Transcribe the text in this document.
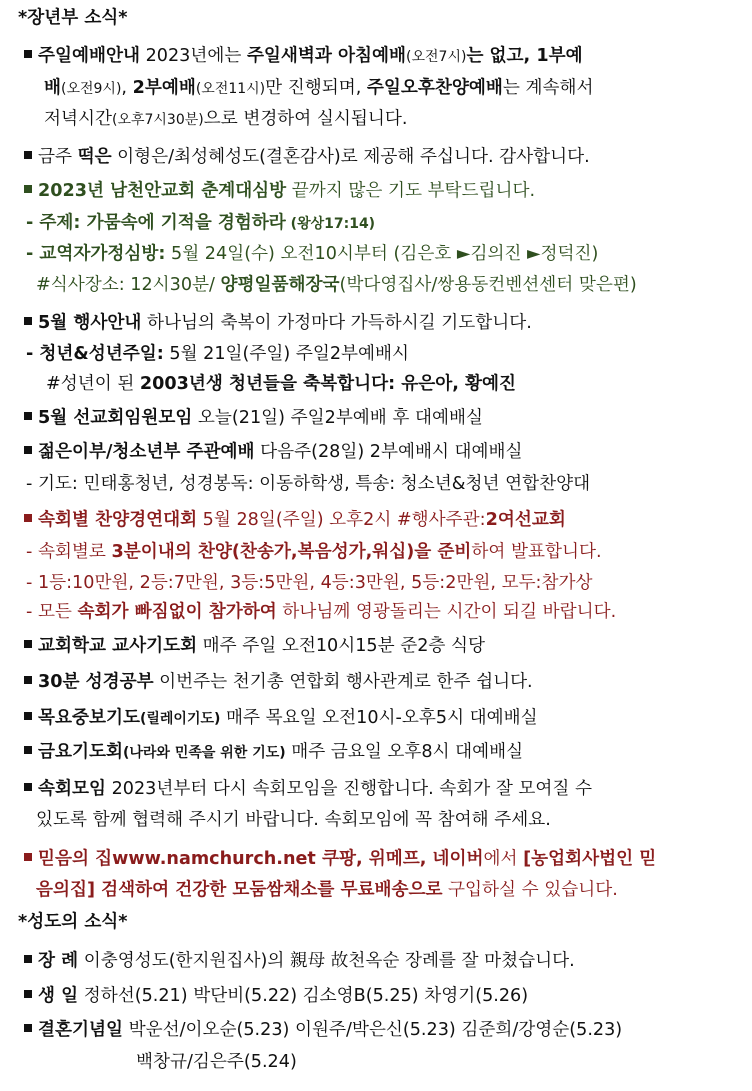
*장년부 소식*
주일예배안내 2023년에는 주일새벽과 아침예배(오전7시)는 없고, 1부예
배(오전9시), 2부예배(오전11시)만 진행되며, 주일오후찬양예배는 계속해서
저녁시간(오후7시30분)으로 변경하여 실시됩니다.
금주 떡은 이형은/최성혜성도(결혼감사)로 제공해 주십니다. 감사합니다.
2023년 남천안교회 춘계대심방 끝까지 많은 기도 부탁드립니다.
- 주제: 가뭄속에 기적을 경험하라 (왕상17:14)
- 교역자가정심방: 5월 24일(수) 오전10시부터 (김은호 ►김의진 ►정덕진)
#식사장소: 12시30분/ 양평일품해장국(박다영집사/쌍용동컨벤션센터 맞은편)
5월 행사안내 하나님의 축복이 가정마다 가득하시길 기도합니다.
- 청년&성년주일: 5월 21일(주일) 주일2부예배시
#성년이 된 2003년생 청년들을 축복합니다: 유은아, 황예진
5월 선교회임원모임 오늘(21일) 주일2부예배 후 대예배실
젊은이부/청소년부 주관예배 다음주(28일) 2부예배시 대예배실
- 기도: 민태홍청년, 성경봉독: 이동하학생, 특송: 청소년&청년 연합찬양대
속회별 찬양경연대회 5월 28일(주일) 오후2시 #행사주관:2여선교회
- 속회별로 3분이내의 찬양(찬송가,복음성가,워십)을 준비하여 발표합니다.
- 1등:10만원, 2등:7만원, 3등:5만원, 4등:3만원, 5등:2만원, 모두:참가상
- 모든 속회가 빠짐없이 참가하여 하나님께 영광돌리는 시간이 되길 바랍니다.
교회학교 교사기도회 매주 주일 오전10시15분 준2층 식당
30분 성경공부 이번주는 천기총 연합회 행사관계로 한주 쉽니다.
목요중보기도(릴레이기도) 매주 목요일 오전10시-오후5시 대예배실
금요기도회(나라와 민족을 위한 기도) 매주 금요일 오후8시 대예배실
속회모임 2023년부터 다시 속회모임을 진행합니다. 속회가 잘 모여질 수
있도록 함께 협력해 주시기 바랍니다. 속회모임에 꼭 참여해 주세요.
믿음의 집www.namchurch.net 쿠팡, 위메프, 네이버에서 [농업회사법인 믿
음의집] 검색하여 건강한 모둠쌈채소를 무료배송으로 구입하실 수 있습니다.
*성도의 소식*
장 례 이충영성도(한지원집사)의 親母 故천옥순 장례를 잘 마쳤습니다.
생 일 정하선(5.21) 박단비(5.22) 김소영B(5.25) 차영기(5.26)
결혼기념일 박운선/이오순(5.23) 이원주/박은신(5.23) 김준희/강영순(5.23)
백창규/김은주(5.24)
